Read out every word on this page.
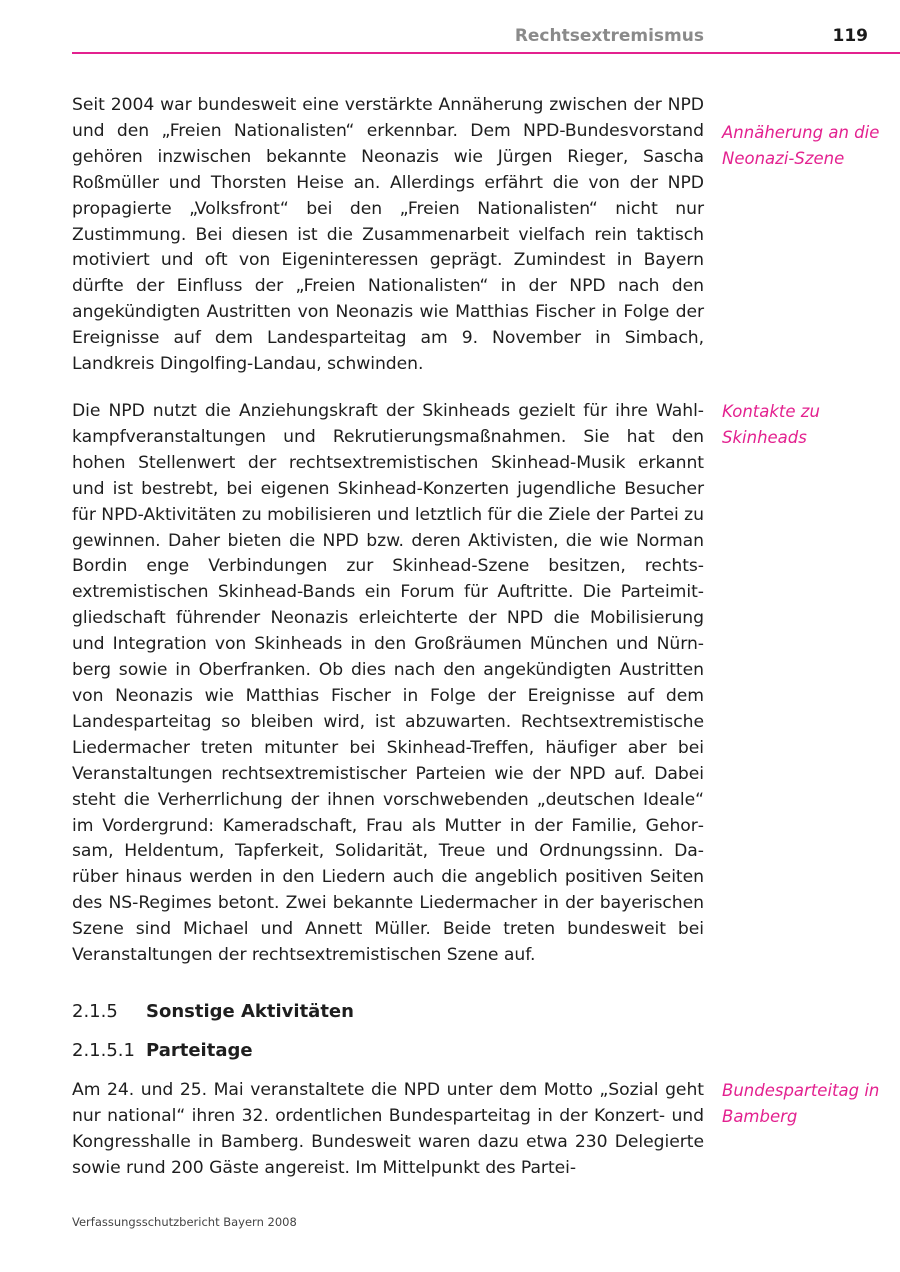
Rechtsextremismus	119
Seit 2004 war bundesweit eine verstärkte Annäherung zwischen der NPD und den „Freien Nationalisten“ erkennbar. Dem NPD-Bundesvorstand gehören inzwischen bekannte Neonazis wie Jürgen Rieger, Sascha Roßmüller und Thorsten Heise an. Allerdings erfährt die von der NPD propagierte „Volksfront“ bei den „Freien Nationalisten“ nicht nur Zustimmung. Bei diesen ist die Zusammenarbeit vielfach rein taktisch motiviert und oft von Eigeninteressen geprägt. Zumindest in Bayern dürfte der Einfluss der „Freien Nationalisten“ in der NPD nach den angekündigten Austritten von Neonazis wie Matthias Fischer in Folge der Ereignisse auf dem Landesparteitag am 9. November in Simbach, Landkreis Dingolfing-Landau, schwinden.
Annäherung an die Neonazi-Szene
Die NPD nutzt die Anziehungskraft der Skinheads gezielt für ihre Wahlkampfveranstaltungen und Rekrutierungsmaßnahmen. Sie hat den hohen Stellenwert der rechtsextremistischen Skinhead-Musik erkannt und ist bestrebt, bei eigenen Skinhead-Konzerten jugendliche Besucher für NPD-Aktivitäten zu mobilisieren und letztlich für die Ziele der Partei zu gewinnen. Daher bieten die NPD bzw. deren Aktivisten, die wie Norman Bordin enge Verbindungen zur Skinhead-Szene besitzen, rechtsextremistischen Skinhead-Bands ein Forum für Auftritte. Die Parteimitgliedschaft führender Neonazis erleichterte der NPD die Mobilisierung und Integration von Skinheads in den Großräumen München und Nürnberg sowie in Oberfranken. Ob dies nach den angekündigten Austritten von Neonazis wie Matthias Fischer in Folge der Ereignisse auf dem Landesparteitag so bleiben wird, ist abzuwarten. Rechtsextremistische Liedermacher treten mitunter bei Skinhead-Treffen, häufiger aber bei Veranstaltungen rechtsextremistischer Parteien wie der NPD auf. Dabei steht die Verherrlichung der ihnen vorschwebenden „deutschen Ideale“ im Vordergrund: Kameradschaft, Frau als Mutter in der Familie, Gehorsam, Heldentum, Tapferkeit, Solidarität, Treue und Ordnungssinn. Darüber hinaus werden in den Liedern auch die angeblich positiven Seiten des NS-Regimes betont. Zwei bekannte Liedermacher in der bayerischen Szene sind Michael und Annett Müller. Beide treten bundesweit bei Veranstaltungen der rechtsextremistischen Szene auf.
Kontakte zu Skinheads
2.1.5 Sonstige Aktivitäten
2.1.5.1 Parteitage
Am 24. und 25. Mai veranstaltete die NPD unter dem Motto „Sozial geht nur national“ ihren 32. ordentlichen Bundesparteitag in der Konzert- und Kongresshalle in Bamberg. Bundesweit waren dazu etwa 230 Delegierte sowie rund 200 Gäste angereist. Im Mittelpunkt des Partei-
Bundesparteitag in Bamberg
Verfassungsschutzbericht Bayern 2008
